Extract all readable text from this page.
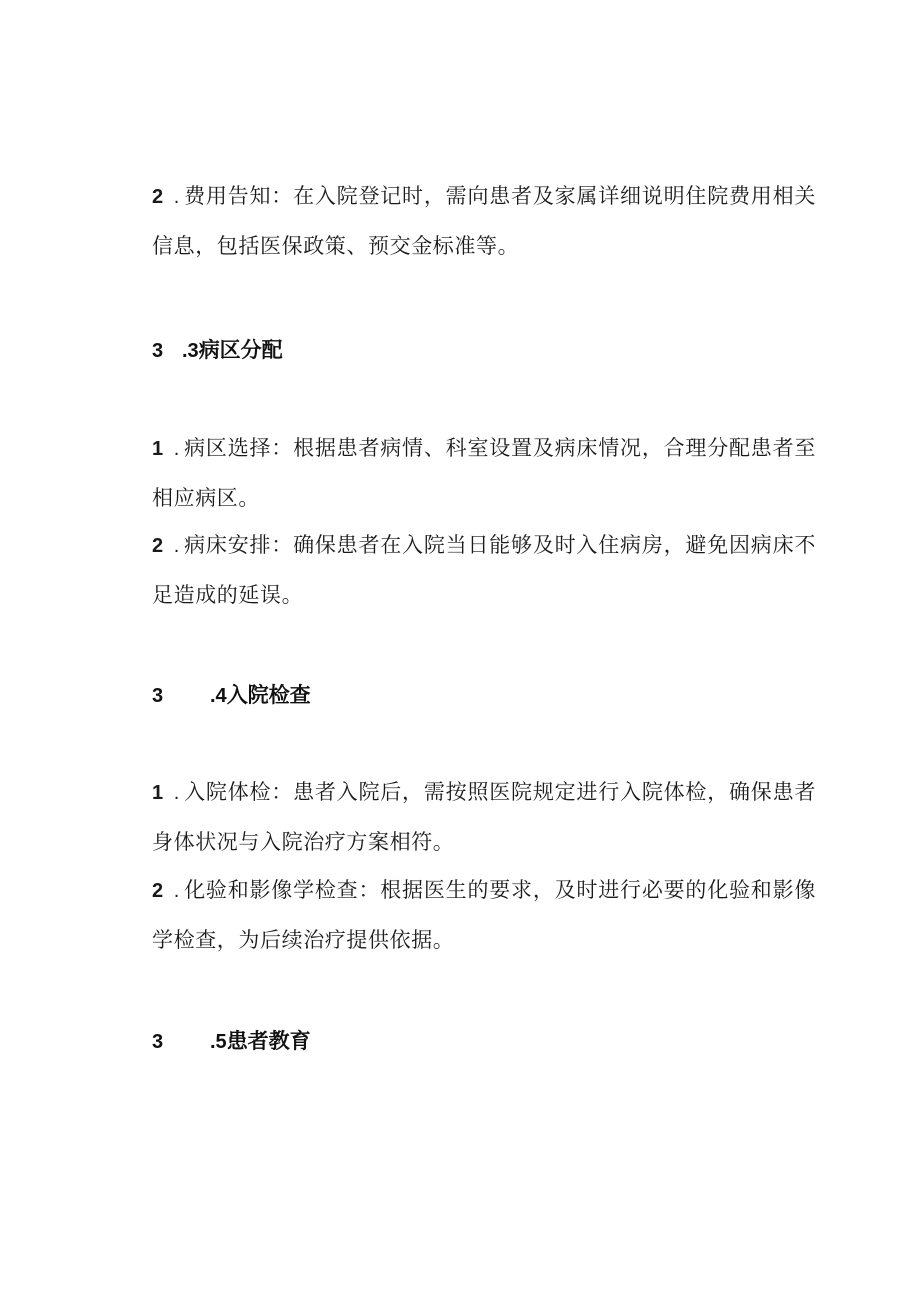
2 . 费用告知：在入院登记时，需向患者及家属详细说明住院费用相关信息，包括医保政策、预交金标准等。

3 .3病区分配

1 . 病区选择：根据患者病情、科室设置及病床情况，合理分配患者至相应病区。

2 . 病床安排：确保患者在入院当日能够及时入住病房，避免因病床不足造成的延误。

3 .4入院检查

1 . 入院体检：患者入院后，需按照医院规定进行入院体检，确保患者身体状况与入院治疗方案相符。

2 . 化验和影像学检查：根据医生的要求，及时进行必要的化验和影像学检查，为后续治疗提供依据。

3 .5患者教育
